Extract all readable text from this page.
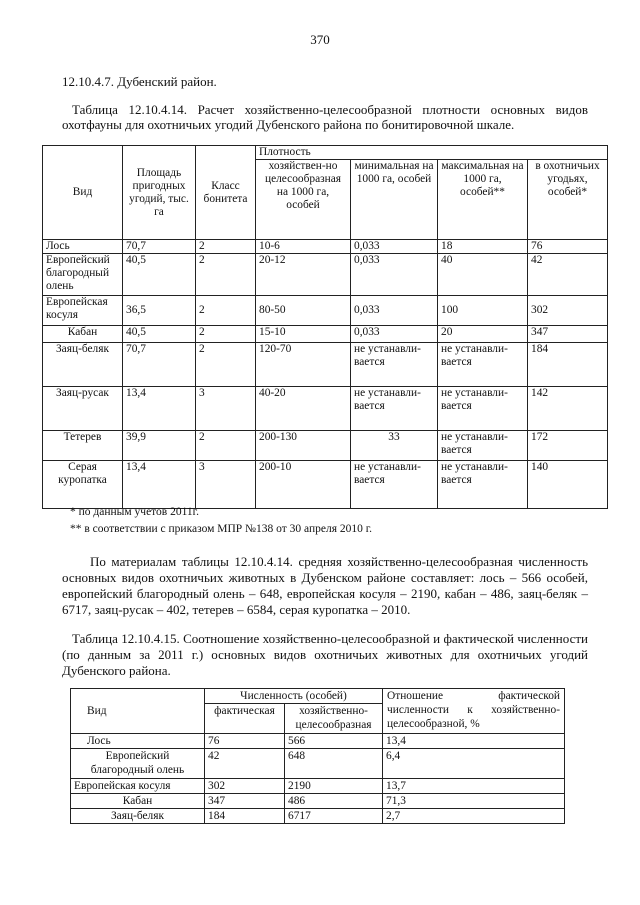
370
12.10.4.7. Дубенский район.
Таблица 12.10.4.14. Расчет хозяйственно-целесообразной плотности основных видов охотфауны для охотничьих угодий Дубенского района по бонитировочной шкале.
Вид	Площадь пригодных угодий, тыс. га	Класс бонитета	Плотность			
			хозяйствен-но целесообразная на 1000 га, особей	минимальная на 1000 га, особей	максимальная на 1000 га, особей**	в охотничьих угодьях, особей*
Лось	70,7	2	10-6	0,033	18	76
Европейский благородный олень	40,5	2	20-12	0,033	40	42
Европейская косуля	36,5	2	80-50	0,033	100	302
Кабан	40,5	2	15-10	0,033	20	347
Заяц-беляк	70,7	2	120-70	не устанавли-вается	не устанавли-вается	184
Заяц-русак	13,4	3	40-20	не устанавли-вается	не устанавли-вается	142
Тетерев	39,9	2	200-130	33	не устанавли-вается	172
Серая куропатка	13,4	3	200-10	не устанавли-вается	не устанавли-вается	140
* по данным учетов 2011г.
** в соответствии с приказом МПР №138 от 30 апреля 2010 г.
По материалам таблицы 12.10.4.14. средняя хозяйственно-целесообразная численность основных видов охотничьих животных в Дубенском районе составляет: лось – 566 особей, европейский благородный олень – 648, европейская косуля – 2190, кабан – 486, заяц-беляк – 6717, заяц-русак – 402, тетерев – 6584, серая куропатка – 2010.
Таблица 12.10.4.15. Соотношение хозяйственно-целесообразной и фактической численности (по данным за 2011 г.) основных видов охотничьих животных для охотничьих угодий Дубенского района.
Вид	Численность (особей)		Отношение фактической
численности к хозяйственно-
целесообразной, %

	фактическая	хозяйственно-целесообразная	
Лось	76	566	13,4
Европейский благородный олень	42	648	6,4
Европейская косуля	302	2190	13,7
Кабан	347	486	71,3
Заяц-беляк	184	6717	2,7
